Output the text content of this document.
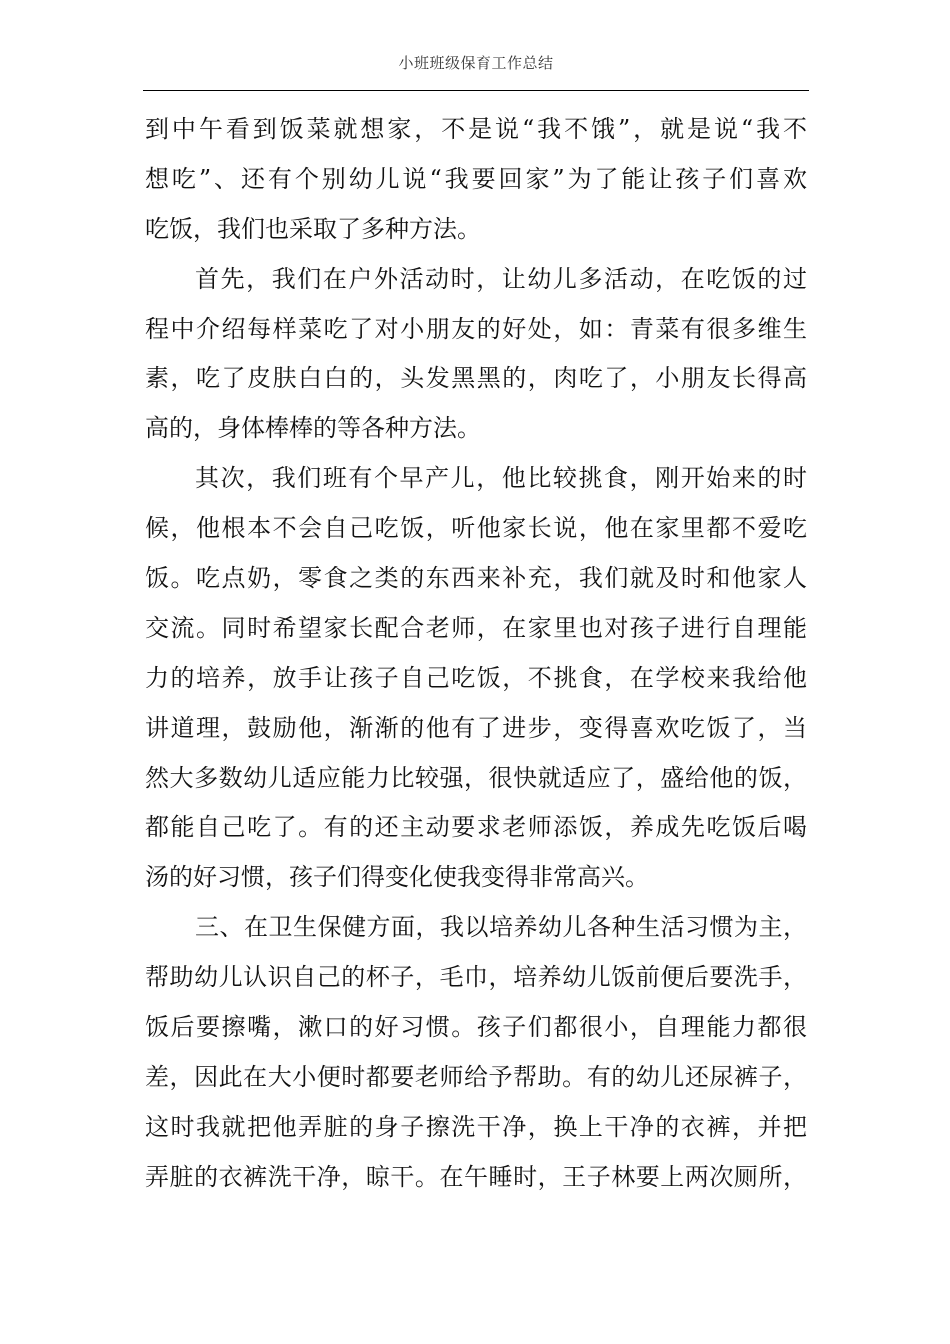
小班班级保育工作总结
到中午看到饭菜就想家，不是说“我不饿”，就是说“我不
想吃”、还有个别幼儿说“我要回家”为了能让孩子们喜欢
吃饭，我们也采取了多种方法。
首先，我们在户外活动时，让幼儿多活动，在吃饭的过
程中介绍每样菜吃了对小朋友的好处，如：青菜有很多维生
素，吃了皮肤白白的，头发黑黑的，肉吃了，小朋友长得高
高的，身体棒棒的等各种方法。
其次，我们班有个早产儿，他比较挑食，刚开始来的时
候，他根本不会自己吃饭，听他家长说，他在家里都不爱吃
饭。吃点奶，零食之类的东西来补充，我们就及时和他家人
交流。同时希望家长配合老师，在家里也对孩子进行自理能
力的培养，放手让孩子自己吃饭，不挑食，在学校来我给他
讲道理，鼓励他，渐渐的他有了进步，变得喜欢吃饭了，当
然大多数幼儿适应能力比较强，很快就适应了，盛给他的饭，
都能自己吃了。有的还主动要求老师添饭，养成先吃饭后喝
汤的好习惯，孩子们得变化使我变得非常高兴。
三、在卫生保健方面，我以培养幼儿各种生活习惯为主，
帮助幼儿认识自己的杯子，毛巾，培养幼儿饭前便后要洗手，
饭后要擦嘴，漱口的好习惯。孩子们都很小，自理能力都很
差，因此在大小便时都要老师给予帮助。有的幼儿还尿裤子，
这时我就把他弄脏的身子擦洗干净，换上干净的衣裤，并把
弄脏的衣裤洗干净，晾干。在午睡时，王子林要上两次厕所，
